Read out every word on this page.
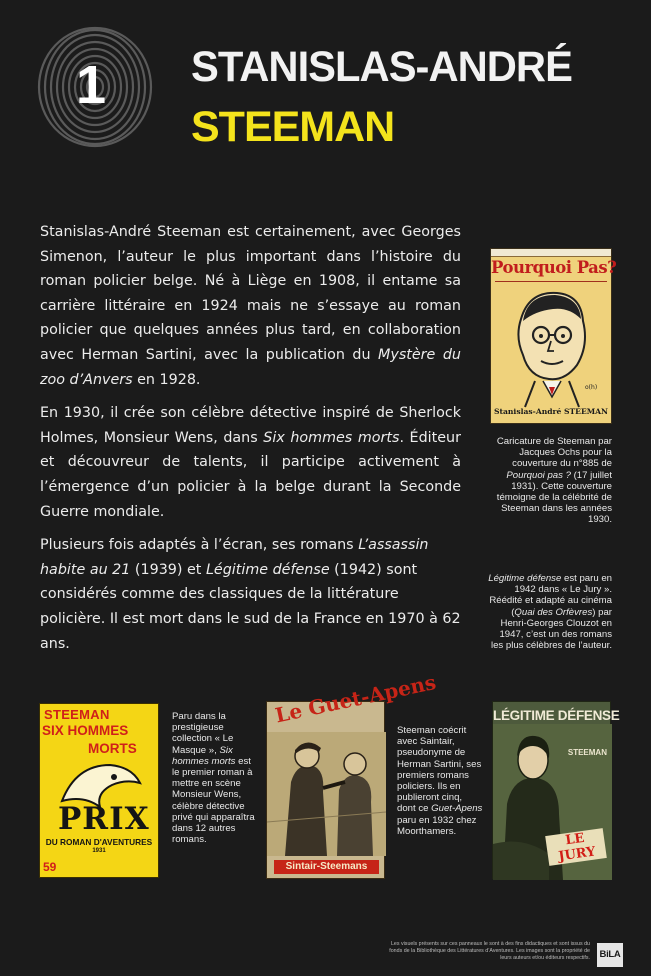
1 STANISLAS-ANDRÉ
STEEMAN

Stanislas-André Steeman est certainement, avec Georges Simenon, l’auteur le plus important dans l’histoire du roman policier belge. Né à Liège en 1908, il entame sa carrière littéraire en 1924 mais ne s’essaye au roman policier que quelques années plus tard, en collaboration avec Herman Sartini, avec la publication du Mystère du zoo d’Anvers en 1928.

En 1930, il crée son célèbre détective inspiré de Sherlock Holmes, Monsieur Wens, dans Six hommes morts. Éditeur et découvreur de talents, il participe activement à l’émergence d’un policier à la belge durant la Seconde Guerre mondiale.

Plusieurs fois adaptés à l’écran, ses romans L’assassin habite au 21 (1939) et Légitime défense (1942) sont considérés comme des classiques de la littérature policière. Il est mort dans le sud de la France en 1970 à 62 ans.

Pourquoi Pas?
o(h)
Stanislas-André STEEMAN
Caricature de Steeman par Jacques Ochs pour la couverture du n°885 de Pourquoi pas ? (17 juillet 1931). Cette couverture témoigne de la célébrité de Steeman dans les années 1930.
Légitime défense est paru en 1942 dans « Le Jury ». Réédité et adapté au cinéma (Quai des Orfèvres) par Henri-Georges Clouzot en 1947, c’est un des romans les plus célèbres de l’auteur.
STEEMAN
SIX HOMMES
MORTS
PRIX
DU ROMAN D'AVENTURES
1931
59
Paru dans la prestigieuse collection « Le Masque », Six hommes morts est le premier roman à mettre en scène Monsieur Wens, célèbre détective privé qui apparaîtra dans 12 autres romans.
Le Guet-Apens
Sintair-Steemans
Steeman coécrit avec Saintair, pseudonyme de Herman Sartini, ses premiers romans policiers. Ils en publieront cinq, dont ce Guet-Apens paru en 1932 chez Moorthamers.
LÉGITIME DÉFENSE
STEEMAN
LE JURY
Les visuels présents sur ces panneaux le sont à des fins didactiques et sont issus du fonds de la Bibliothèque des Littératures d’Aventures. Les images sont la propriété de leurs auteurs et/ou éditeurs respectifs. BiLA
